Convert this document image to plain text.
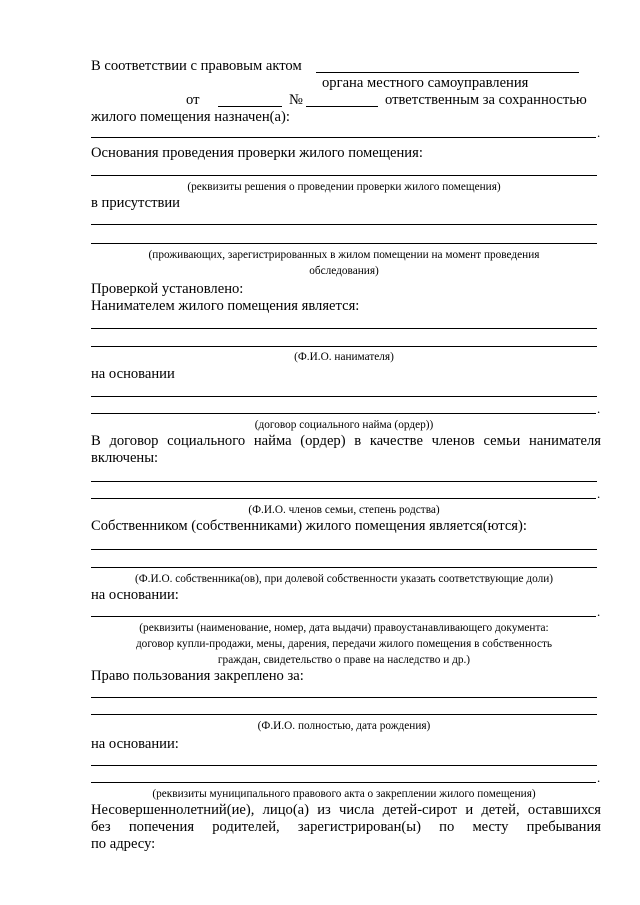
В соответствии с правовым актом
органа местного самоуправления
от	№	ответственным за сохранностью
жилого помещения назначен(а):
.
Основания проведения проверки жилого помещения:
(реквизиты решения о проведении проверки жилого помещения)
в присутствии
(проживающих, зарегистрированных в жилом помещении на момент проведения
обследования)
Проверкой установлено:
Нанимателем жилого помещения является:
(Ф.И.О. нанимателя)
на основании
.
(договор социального найма (ордер))
В договор социального найма (ордер) в качестве членов семьи нанимателя
включены:
.
(Ф.И.О. членов семьи, степень родства)
Собственником (собственниками) жилого помещения является(ются):
(Ф.И.О. собственника(ов), при долевой собственности указать соответствующие доли)
на основании:
.
(реквизиты (наименование, номер, дата выдачи) правоустанавливающего документа:
договор купли-продажи, мены, дарения, передачи жилого помещения в собственность
граждан, свидетельство о праве на наследство и др.)
Право пользования закреплено за:
(Ф.И.О. полностью, дата рождения)
на основании:
.
(реквизиты муниципального правового акта о закреплении жилого помещения)
Несовершеннолетний(ие), лицо(а) из числа детей-сирот и детей, оставшихся
без попечения родителей, зарегистрирован(ы) по месту пребывания
по адресу:
